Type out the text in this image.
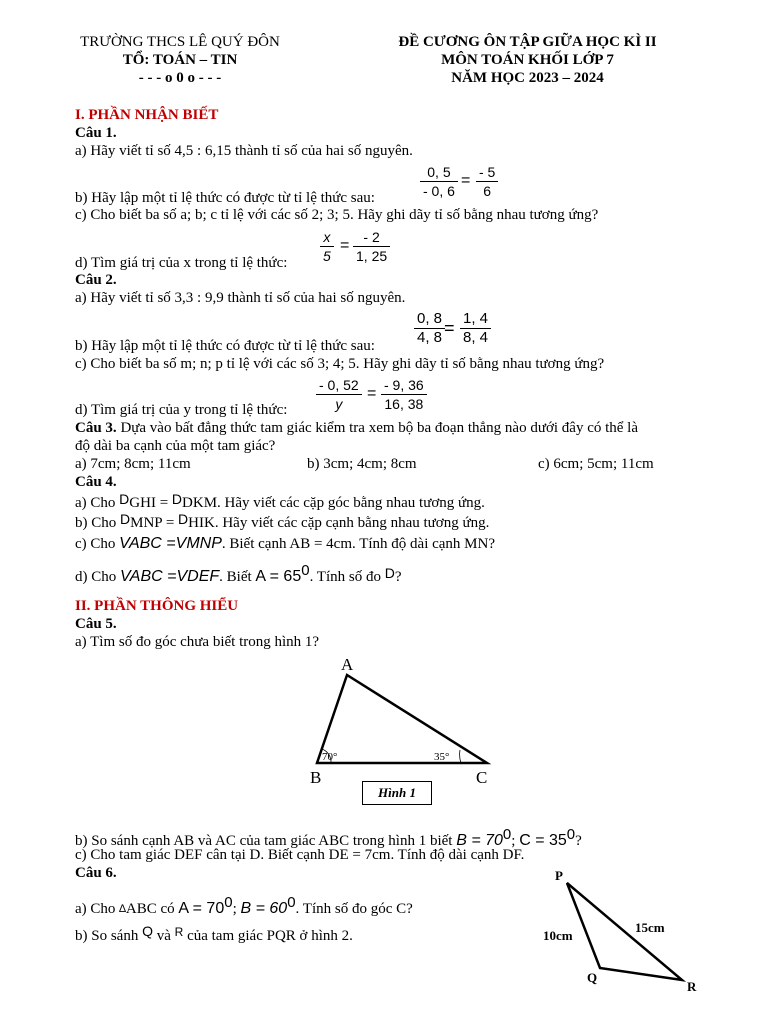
TRƯỜNG THCS LÊ QUÝ ĐÔN
TỔ: TOÁN – TIN
- - - o 0 o - - -
ĐỀ CƯƠNG ÔN TẬP GIỮA HỌC KÌ II
MÔN TOÁN KHỐI LỚP 7
NĂM HỌC 2023 – 2024
I. PHẦN NHẬN BIẾT
Câu 1.
a) Hãy viết tỉ số 4,5 : 6,15 thành tỉ số của hai số nguyên.
$\frac{0, 5}{- 0, 6} = \frac{- 5}{6}$
b) Hãy lập một tỉ lệ thức có được từ tỉ lệ thức sau:
c) Cho biết ba số a; b; c tỉ lệ với các số 2; 3; 5. Hãy ghi dãy tỉ số bằng nhau tương ứng?
$\frac{x}{5} = \frac{- 2}{1, 25}$
d) Tìm giá trị của x trong tỉ lệ thức:
Câu 2.
a) Hãy viết tỉ số 3,3 : 9,9 thành tỉ số của hai số nguyên.
$\frac{0, 8}{4, 8}$
= $\frac{1, 4}{8, 4}$
b) Hãy lập một tỉ lệ thức có được từ tỉ lệ thức sau:
c) Cho biết ba số m; n; p tỉ lệ với các số 3; 4; 5. Hãy ghi dãy tỉ số bằng nhau tương ứng?
$\frac{- 0, 52}{y} = \frac{- 9, 36}{16, 38}$
d) Tìm giá trị của y trong tỉ lệ thức:
Câu 3. Dựa vào bất đẳng thức tam giác kiểm tra xem bộ ba đoạn thẳng nào dưới đây có thể là
độ dài ba cạnh của một tam giác?
a) 7cm; 8cm; 11cm	b) 3cm; 4cm; 8cm	c) 6cm; 5cm; 11cm
Câu 4.
a) Cho DGHI = DDKM. Hãy viết các cặp góc bằng nhau tương ứng.
b) Cho DMNP = DHIK. Hãy viết các cặp cạnh bằng nhau tương ứng.
c) Cho VABC =VMNP. Biết cạnh AB = 4cm. Tính độ dài cạnh MN?
d) Cho VABC =VDEF. Biết $A = 65^0$. Tính số đo D?
II. PHẦN THÔNG HIỂU
Câu 5.
a) Tìm số đo góc chưa biết trong hình 1?
A
B	C
70°	35°
Hình 1
b) So sánh cạnh AB và AC của tam giác ABC trong hình 1 biết $B = 70^0$; $C = 35^0$?
c) Cho tam giác DEF cân tại D. Biết cạnh DE = 7cm. Tính độ dài cạnh DF.
Câu 6.
a) Cho ∆ABC có $A = 70^0$; $B = 60^0$. Tính số đo góc C?
b) So sánh Q và $^R$ của tam giác PQR ở hình 2.
P
Q
R
10cm
15cm
